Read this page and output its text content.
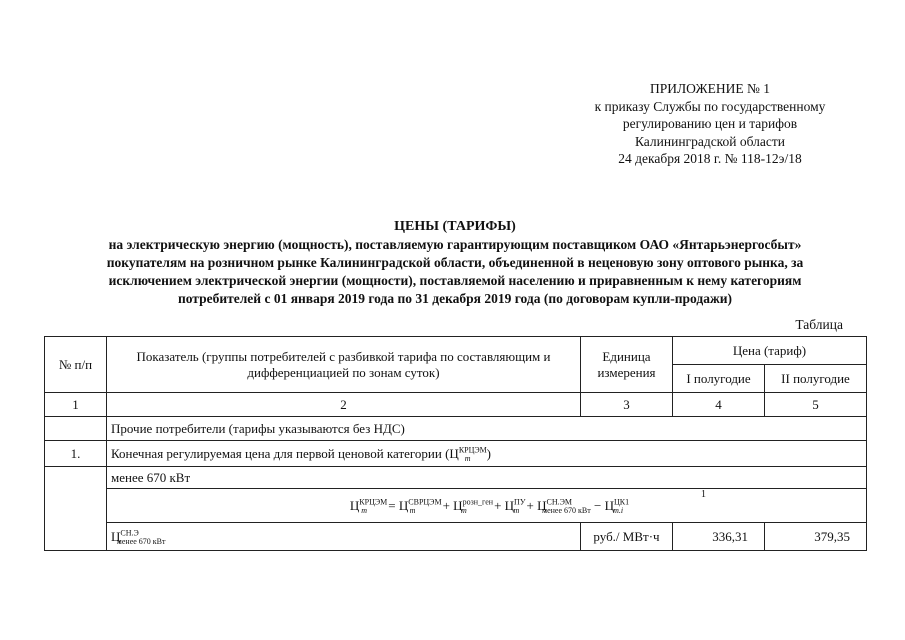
ПРИЛОЖЕНИЕ № 1
к приказу Службы по государственному
регулированию цен и тарифов
Калининградской области
24 декабря 2018 г. № 118-12э/18
ЦЕНЫ (ТАРИФЫ)
на электрическую энергию (мощность), поставляемую гарантирующим поставщиком ОАО «Янтарьэнергосбыт»
покупателям на розничном рынке Калининградской области, объединенной в неценовую зону оптового рынка, за
исключением электрической энергии (мощности), поставляемой населению и приравненным к нему категориям
потребителей с 01 января 2019 года по 31 декабря 2019 года (по договорам купли-продажи)
Таблица
№ п/п	Показатель (группы потребителей с разбивкой тарифа по составляющим и дифференциацией по зонам суток)	Единица измерения	Цена (тариф)	
			I полугодие	II полугодие
1	2	3	4	5
	Прочие потребители (тарифы указываются без НДС)			
1.	Конечная регулируемая цена для первой ценовой категории ($Ц^{КРЦЭМ}_m$ )			
	менее 670 кВт			

	1
$Ц^{КРЦЭМ}_m = Ц^{СВРЦЭМ}_m + Ц^{розн\_ген}_m + Ц^{ПУ}_m + Ц^{СН.ЭМ}_{менее 670 кВт} - Ц^{ЦК1}_{m.i}$
	$Ц^{СН.Э}_{менее 670 кВт}$	руб./ МВт·ч	336,31	379,35
